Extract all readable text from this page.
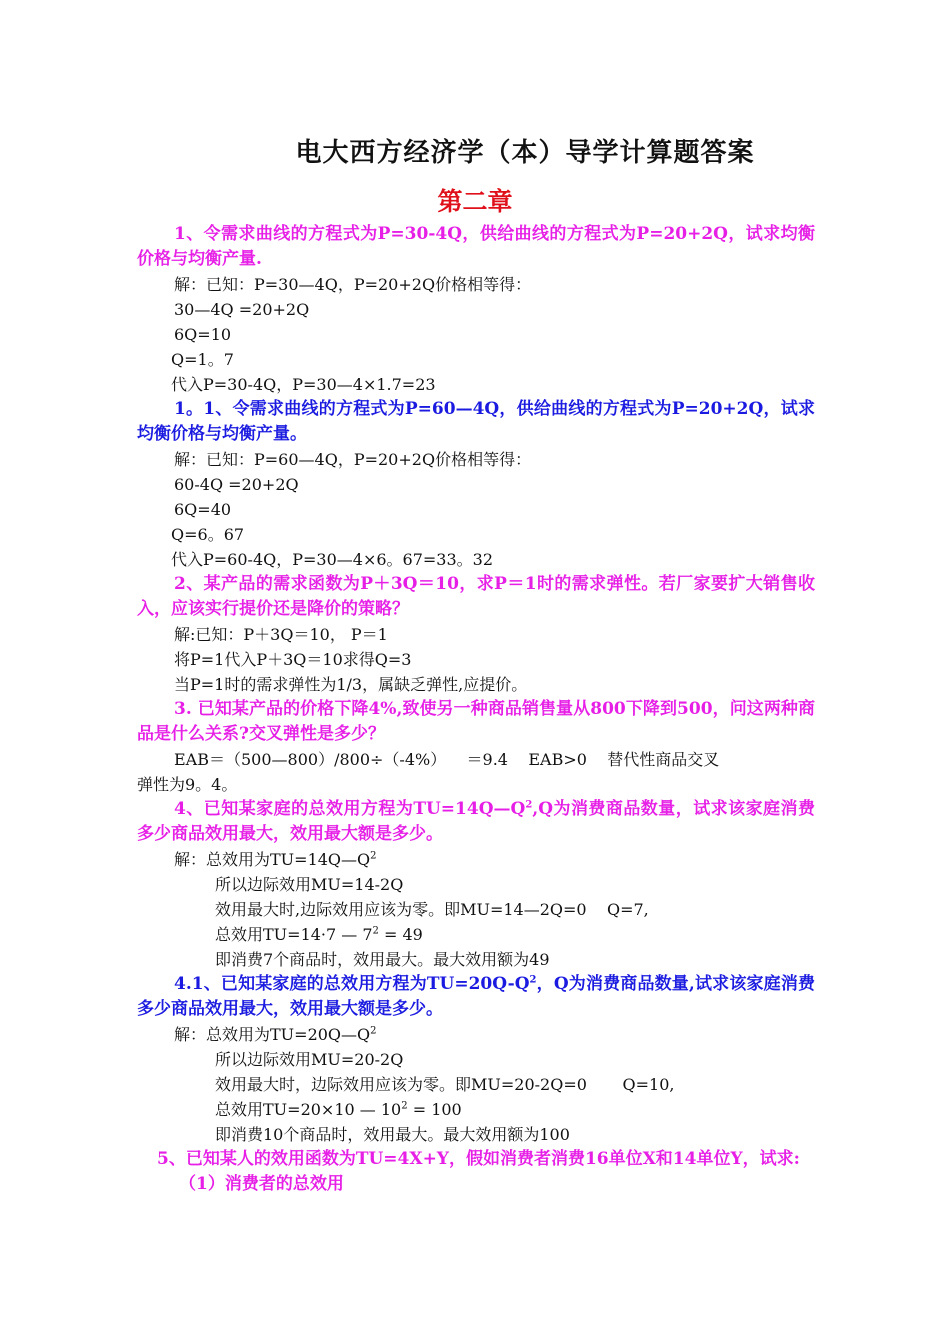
电大西方经济学（本）导学计算题答案
第二章
1、令需求曲线的方程式为P=30-4Q，供给曲线的方程式为P=20+2Q，试求均衡价格与均衡产量.
解：已知：P=30—4Q，P=20+2Q价格相等得：
30—4Q =20+2Q
6Q=10
Q=1。7
代入P=30-4Q，P=30—4×1.7=23
1。1、令需求曲线的方程式为P=60—4Q，供给曲线的方程式为P=20+2Q，试求均衡价格与均衡产量。
解：已知：P=60—4Q，P=20+2Q价格相等得：
60-4Q =20+2Q
6Q=40
Q=6。67
代入P=60-4Q，P=30—4×6。67=33。32
2、某产品的需求函数为P＋3Q＝10，求P＝1时的需求弹性。若厂家要扩大销售收入，应该实行提价还是降价的策略？
解:已知：P＋3Q＝10， P＝1
将P=1代入P＋3Q＝10求得Q=3
当P=1时的需求弹性为1/3，属缺乏弹性,应提价。
3. 已知某产品的价格下降4%,致使另一种商品销售量从800下降到500，问这两种商品是什么关系?交叉弹性是多少？
EAB＝（500—800）/800÷（-4%）    ＝9.4    EAB>0    替代性商品交叉
弹性为9。4。
4、已知某家庭的总效用方程为$TU=14Q—Q^2,Q$为消费商品数量，试求该家庭消费多少商品效用最大，效用最大额是多少。
解：总效用为$TU=14Q—Q^2$
所以边际效用MU=14-2Q
效用最大时,边际效用应该为零。即MU=14—2Q=0    Q=7,
总效用TU=14·7 — $7^2 = 49$
即消费7个商品时，效用最大。最大效用额为49
4.1、已知某家庭的总效用方程为$TU=20Q-Q^2$，Q为消费商品数量,试求该家庭消费多少商品效用最大，效用最大额是多少。
解：总效用为$TU=20Q—Q^2$
所以边际效用MU=20-2Q
效用最大时，边际效用应该为零。即MU=20-2Q=0       Q=10,
总效用TU=20×10 — $10^2 = 100$
即消费10个商品时，效用最大。最大效用额为100
5、已知某人的效用函数为TU=4X+Y，假如消费者消费16单位X和14单位Y，试求:
（1）消费者的总效用
